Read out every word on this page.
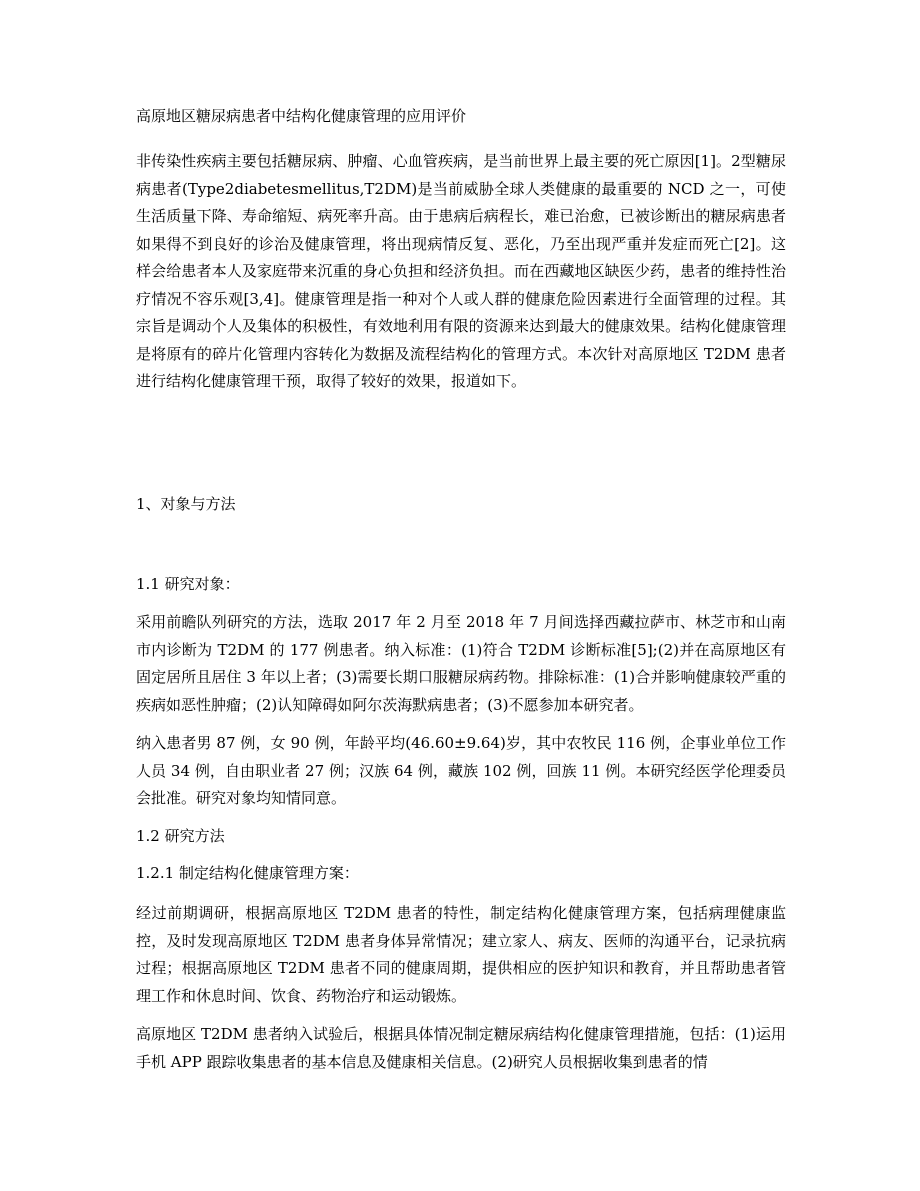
高原地区糖尿病患者中结构化健康管理的应用评价
非传染性疾病主要包括糖尿病、肿瘤、心血管疾病，是当前世界上最主要的死亡原因[1]。2型糖尿病患者(Type2diabetesmellitus,T2DM)是当前威胁全球人类健康的最重要的 NCD 之一，可使生活质量下降、寿命缩短、病死率升高。由于患病后病程长，难已治愈，已被诊断出的糖尿病患者如果得不到良好的诊治及健康管理，将出现病情反复、恶化，乃至出现严重并发症而死亡[2]。这样会给患者本人及家庭带来沉重的身心负担和经济负担。而在西藏地区缺医少药，患者的维持性治疗情况不容乐观[3,4]。健康管理是指一种对个人或人群的健康危险因素进行全面管理的过程。其宗旨是调动个人及集体的积极性，有效地利用有限的资源来达到最大的健康效果。结构化健康管理是将原有的碎片化管理内容转化为数据及流程结构化的管理方式。本次针对高原地区 T2DM 患者进行结构化健康管理干预，取得了较好的效果，报道如下。
1、对象与方法
1.1 研究对象：
采用前瞻队列研究的方法，选取 2017 年 2 月至 2018 年 7 月间选择西藏拉萨市、林芝市和山南市内诊断为 T2DM 的 177 例患者。纳入标准：(1)符合 T2DM 诊断标准[5];(2)并在高原地区有固定居所且居住 3 年以上者；(3)需要长期口服糖尿病药物。排除标准：(1)合并影响健康较严重的疾病如恶性肿瘤；(2)认知障碍如阿尔茨海默病患者；(3)不愿参加本研究者。
纳入患者男 87 例，女 90 例，年龄平均(46.60±9.64)岁，其中农牧民 116 例，企事业单位工作人员 34 例，自由职业者 27 例；汉族 64 例，藏族 102 例，回族 11 例。本研究经医学伦理委员会批准。研究对象均知情同意。
1.2 研究方法
1.2.1 制定结构化健康管理方案：
经过前期调研，根据高原地区 T2DM 患者的特性，制定结构化健康管理方案，包括病理健康监控，及时发现高原地区 T2DM 患者身体异常情况；建立家人、病友、医师的沟通平台，记录抗病过程；根据高原地区 T2DM 患者不同的健康周期，提供相应的医护知识和教育，并且帮助患者管理工作和休息时间、饮食、药物治疗和运动锻炼。
高原地区 T2DM 患者纳入试验后，根据具体情况制定糖尿病结构化健康管理措施，包括：(1)运用手机 APP 跟踪收集患者的基本信息及健康相关信息。(2)研究人员根据收集到患者的情
